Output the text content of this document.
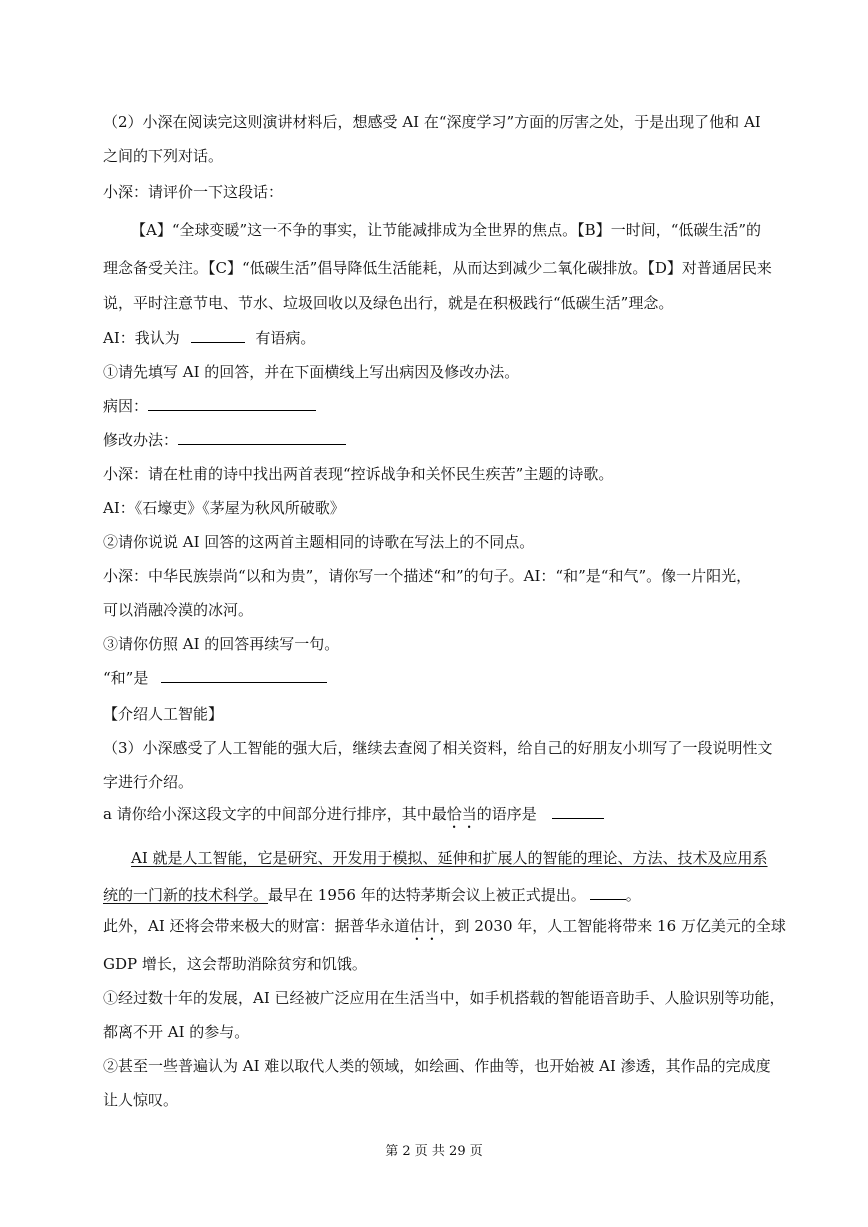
（2）小深在阅读完这则演讲材料后，想感受 AI 在“深度学习”方面的厉害之处，于是出现了他和 AI
之间的下列对话。
小深：请评价一下这段话：
【A】“全球变暖”这一不争的事实，让节能减排成为全世界的焦点。【B】一时间，“低碳生活”的
理念备受关注。【C】“低碳生活”倡导降低生活能耗，从而达到减少二氧化碳排放。【D】对普通居民来
说，平时注意节电、节水、垃圾回收以及绿色出行，就是在积极践行“低碳生活”理念。
AI：我认为	有语病。
①请先填写 AI 的回答，并在下面横线上写出病因及修改办法。
病因：
修改办法：
小深：请在杜甫的诗中找出两首表现“控诉战争和关怀民生疾苦”主题的诗歌。
AI：《石壕吏》《茅屋为秋风所破歌》
②请你说说 AI 回答的这两首主题相同的诗歌在写法上的不同点。
小深：中华民族崇尚“以和为贵”，请你写一个描述“和”的句子。AI：“和”是“和气”。像一片阳光，
可以消融冷漠的冰河。
③请你仿照 AI 的回答再续写一句。
“和”是
【介绍人工智能】
（3）小深感受了人工智能的强大后，继续去查阅了相关资料，给自己的好朋友小圳写了一段说明性文
字进行介绍。
a 请你给小深这段文字的中间部分进行排序，其中最恰当的语序是
AI 就是人工智能，它是研究、开发用于模拟、延伸和扩展人的智能的理论、方法、技术及应用系
统的一门新的技术科学。最早在 1956 年的达特茅斯会议上被正式提出。	。
此外，AI 还将会带来极大的财富：据普华永道估计，到 2030 年，人工智能将带来 16 万亿美元的全球
GDP 增长，这会帮助消除贫穷和饥饿。
①经过数十年的发展，AI 已经被广泛应用在生活当中，如手机搭载的智能语音助手、人脸识别等功能，
都离不开 AI 的参与。
②甚至一些普遍认为 AI 难以取代人类的领域，如绘画、作曲等，也开始被 AI 渗透，其作品的完成度
让人惊叹。
第 2 页 共 29 页
